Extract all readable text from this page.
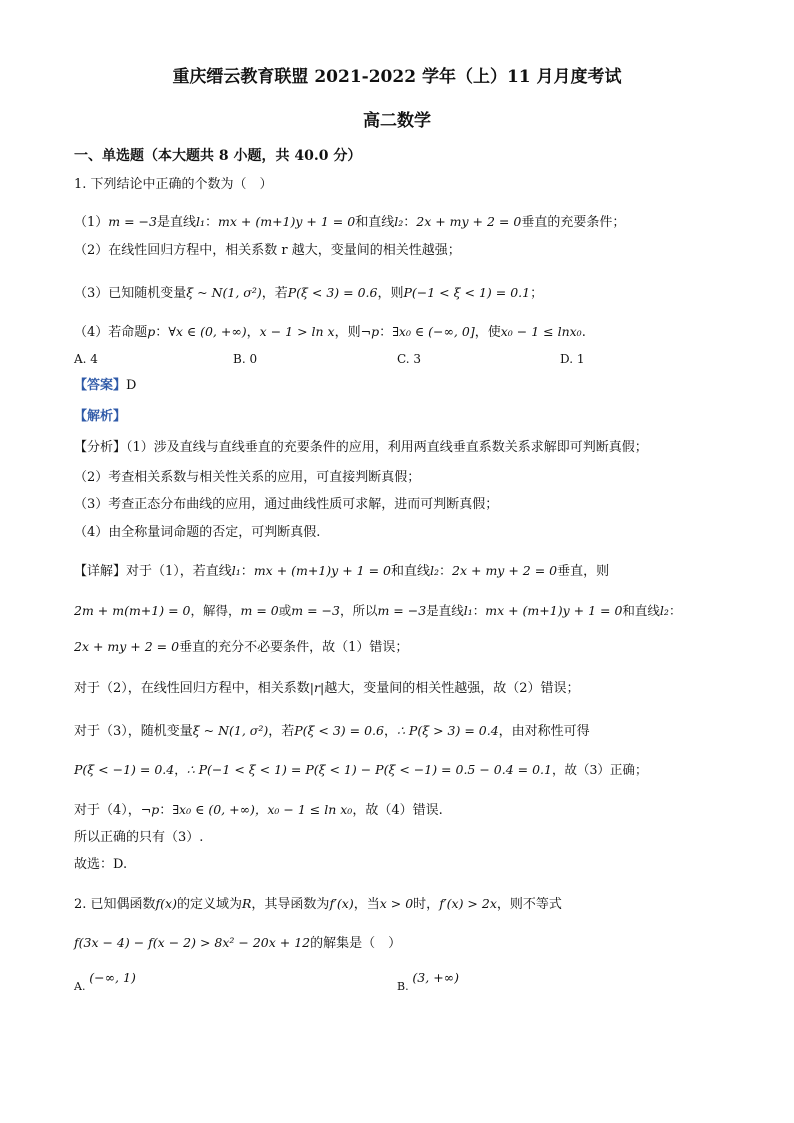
重庆缙云教育联盟 2021-2022 学年（上）11 月月度考试
高二数学
一、单选题（本大题共 8 小题，共 40.0 分）
1. 下列结论中正确的个数为（　）
（1）m = −3是直线l₁：mx + (m+1)y + 1 = 0和直线l₂：2x + my + 2 = 0垂直的充要条件；
（2）在线性回归方程中，相关系数 r 越大，变量间的相关性越强；
（3）已知随机变量ξ ~ N(1, σ²)，若P(ξ < 3) = 0.6，则P(−1 < ξ < 1) = 0.1；
（4）若命题p：∀x ∈ (0, +∞)，x − 1 > ln x，则¬p：∃x₀ ∈ (−∞, 0]，使x₀ − 1 ≤ lnx₀.
A. 4	B. 0	C. 3	D. 1
【答案】D
【解析】
【分析】（1）涉及直线与直线垂直的充要条件的应用，利用两直线垂直系数关系求解即可判断真假；
（2）考查相关系数与相关性关系的应用，可直接判断真假；
（3）考查正态分布曲线的应用，通过曲线性质可求解，进而可判断真假；
（4）由全称量词命题的否定，可判断真假.
【详解】对于（1），若直线l₁：mx + (m+1)y + 1 = 0和直线l₂：2x + my + 2 = 0垂直，则
2m + m(m+1) = 0，解得，m = 0或m = −3，所以m = −3是直线l₁：mx + (m+1)y + 1 = 0和直线l₂：
2x + my + 2 = 0垂直的充分不必要条件，故（1）错误；
对于（2），在线性回归方程中，相关系数|r|越大，变量间的相关性越强，故（2）错误；
对于（3），随机变量ξ ~ N(1, σ²)，若P(ξ < 3) = 0.6，∴ P(ξ > 3) = 0.4，由对称性可得
P(ξ < −1) = 0.4，∴ P(−1 < ξ < 1) = P(ξ < 1) − P(ξ < −1) = 0.5 − 0.4 = 0.1，故（3）正确；
对于（4），¬p：∃x₀ ∈ (0, +∞)，x₀ − 1 ≤ ln x₀，故（4）错误.
所以正确的只有（3）.
故选：D.
2. 已知偶函数f(x)的定义域为R，其导函数为f′(x)，当x > 0时，f′(x) > 2x，则不等式
f(3x − 4) − f(x − 2) > 8x² − 20x + 12的解集是（　）
A. (−∞, 1)
B. (3, +∞)
